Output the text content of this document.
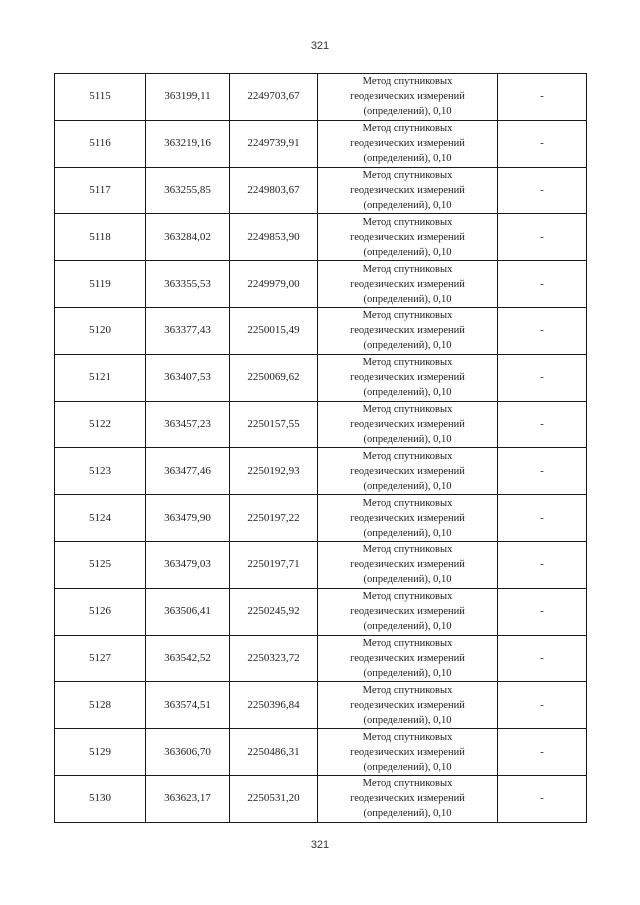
321
5115	363199,11	2249703,67	Метод спутниковых
геодезических измерений
(определений), 0,10	-
5116	363219,16	2249739,91	Метод спутниковых
геодезических измерений
(определений), 0,10	-
5117	363255,85	2249803,67	Метод спутниковых
геодезических измерений
(определений), 0,10	-
5118	363284,02	2249853,90	Метод спутниковых
геодезических измерений
(определений), 0,10	-
5119	363355,53	2249979,00	Метод спутниковых
геодезических измерений
(определений), 0,10	-
5120	363377,43	2250015,49	Метод спутниковых
геодезических измерений
(определений), 0,10	-
5121	363407,53	2250069,62	Метод спутниковых
геодезических измерений
(определений), 0,10	-
5122	363457,23	2250157,55	Метод спутниковых
геодезических измерений
(определений), 0,10	-
5123	363477,46	2250192,93	Метод спутниковых
геодезических измерений
(определений), 0,10	-
5124	363479,90	2250197,22	Метод спутниковых
геодезических измерений
(определений), 0,10	-
5125	363479,03	2250197,71	Метод спутниковых
геодезических измерений
(определений), 0,10	-
5126	363506,41	2250245,92	Метод спутниковых
геодезических измерений
(определений), 0,10	-
5127	363542,52	2250323,72	Метод спутниковых
геодезических измерений
(определений), 0,10	-
5128	363574,51	2250396,84	Метод спутниковых
геодезических измерений
(определений), 0,10	-
5129	363606,70	2250486,31	Метод спутниковых
геодезических измерений
(определений), 0,10	-
5130	363623,17	2250531,20	Метод спутниковых
геодезических измерений
(определений), 0,10	-
321
